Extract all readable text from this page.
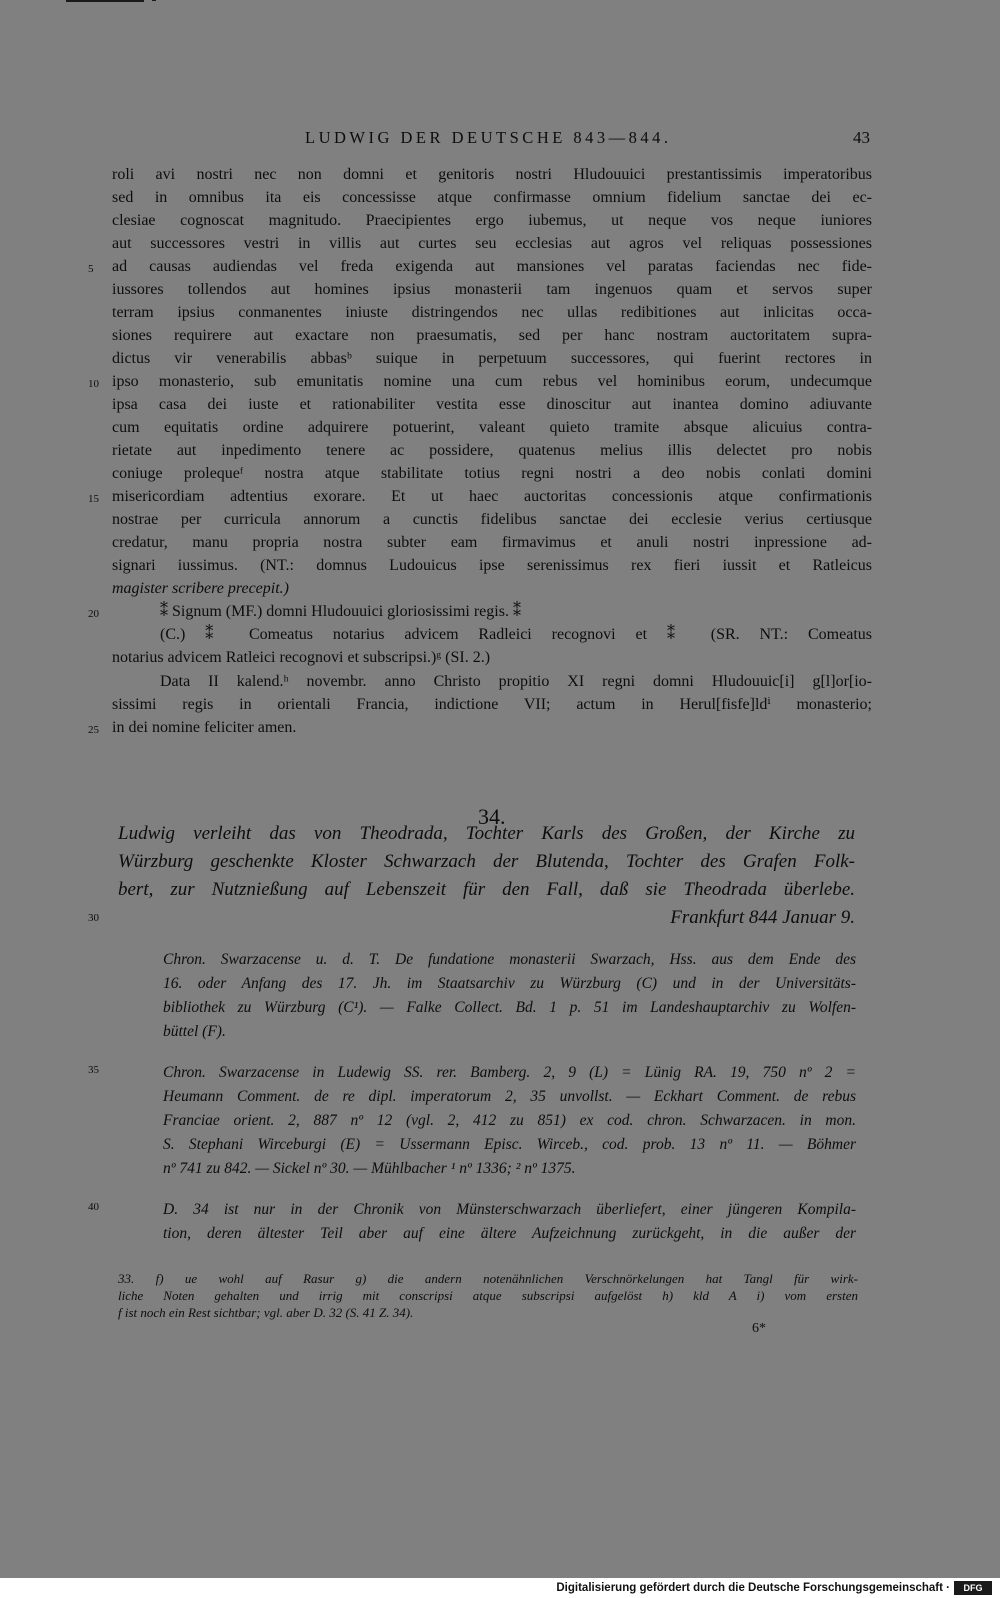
LUDWIG DER DEUTSCHE 843—844.	43
roli avi nostri nec non domni et genitoris nostri Hludouuici prestantissimis imperatoribus
sed in omnibus ita eis concessisse atque confirmasse omnium fidelium sanctae dei ec-
clesiae cognoscat magnitudo. Praecipientes ergo iubemus, ut neque vos neque iuniores
aut successores vestri in villis aut curtes seu ecclesias aut agros vel reliquas possessiones
ad causas audiendas vel freda exigenda aut mansiones vel paratas faciendas nec fide-
iussores tollendos aut homines ipsius monasterii tam ingenuos quam et servos super
terram ipsius conmanentes iniuste distringendos nec ullas redibitiones aut inlicitas occa-
siones requirere aut exactare non praesumatis, sed per hanc nostram auctoritatem supra-
dictus vir venerabilis abbasᵇ suique in perpetuum successores, qui fuerint rectores in
ipso monasterio, sub emunitatis nomine una cum rebus vel hominibus eorum, undecumque
ipsa casa dei iuste et rationabiliter vestita esse dinoscitur aut inantea domino adiuvante
cum equitatis ordine adquirere potuerint, valeant quieto tramite absque alicuius contra-
rietate aut inpedimento tenere ac possidere, quatenus melius illis delectet pro nobis
coniuge prolequeᶠ nostra atque stabilitate totius regni nostri a deo nobis conlati domini
misericordiam adtentius exorare. Et ut haec auctoritas concessionis atque confirmationis
nostrae per curricula annorum a cunctis fidelibus sanctae dei ecclesie verius certiusque
credatur, manu propria nostra subter eam firmavimus et anuli nostri inpressione ad-
signari iussimus. (NT.: domnus Ludouicus ipse serenissimus rex fieri iussit et Ratleicus
magister scribere precepit.)
⁑ Signum (MF.) domni Hludouuici gloriosissimi regis. ⁑
(C.) ⁑ Comeatus notarius advicem Radleici recognovi et ⁑ (SR. NT.: Comeatus
notarius advicem Ratleici recognovi et subscripsi.)ᵍ (SI. 2.)
Data II kalend.ʰ novembr. anno Christo propitio XI regni domni Hludouuic[i] g[l]or[io-
sissimi regis in orientali Francia, indictione VII; actum in Herul[fisfe]ldⁱ monasterio;
in dei nomine feliciter amen.
5
10
15
20
25
30
35
40
34.
Ludwig verleiht das von Theodrada, Tochter Karls des Großen, der Kirche zu
Würzburg geschenkte Kloster Schwarzach der Blutenda, Tochter des Grafen Folk-
bert, zur Nutznießung auf Lebenszeit für den Fall, daß sie Theodrada überlebe.
Frankfurt 844 Januar 9.
Chron. Swarzacense u. d. T. De fundatione monasterii Swarzach, Hss. aus dem Ende des
16. oder Anfang des 17. Jh. im Staatsarchiv zu Würzburg (C) und in der Universitäts-
bibliothek zu Würzburg (C¹). — Falke Collect. Bd. 1 p. 51 im Landeshauptarchiv zu Wolfen-
büttel (F).
Chron. Swarzacense in Ludewig SS. rer. Bamberg. 2, 9 (L) = Lünig RA. 19, 750 nº 2 =
Heumann Comment. de re dipl. imperatorum 2, 35 unvollst. — Eckhart Comment. de rebus
Franciae orient. 2, 887 nº 12 (vgl. 2, 412 zu 851) ex cod. chron. Schwarzacen. in mon.
S. Stephani Wirceburgi (E) = Ussermann Episc. Wirceb., cod. prob. 13 nº 11. — Böhmer
nº 741 zu 842. — Sickel nº 30. — Mühlbacher ¹ nº 1336; ² nº 1375.
D. 34 ist nur in der Chronik von Münsterschwarzach überliefert, einer jüngeren Kompila-
tion, deren ältester Teil aber auf eine ältere Aufzeichnung zurückgeht, in die außer der
33. f) ue wohl auf Rasur g) die andern notenähnlichen Verschnörkelungen hat Tangl für wirk-
liche Noten gehalten und irrig mit conscripsi atque subscripsi aufgelöst h) kld A i) vom ersten
f ist noch ein Rest sichtbar; vgl. aber D. 32 (S. 41 Z. 34).
6*
Digitalisierung gefördert durch die Deutsche Forschungsgemeinschaft ·	DFG
